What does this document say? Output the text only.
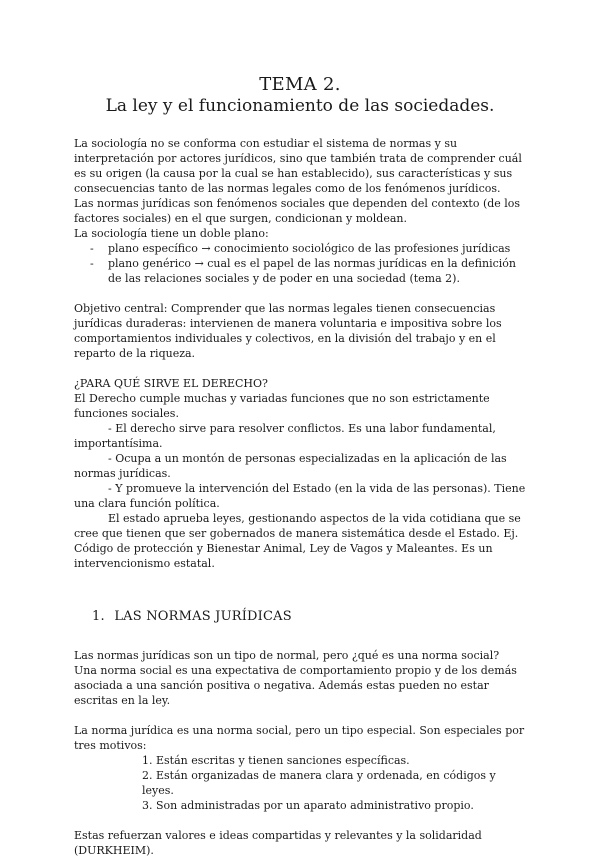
TEMA 2.
La ley y el funcionamiento de las sociedades.

La sociología no se conforma con estudiar el sistema de normas y su interpretación por actores jurídicos, sino que también trata de comprender cuál es su origen (la causa por la cual se han establecido), sus características y sus consecuencias tanto de las normas legales como de los fenómenos jurídicos.

Las normas jurídicas son fenómenos sociales que dependen del contexto (de los factores sociales) en el que surgen, condicionan y moldean.

La sociología tiene un doble plano:

- plano específico → conocimiento sociológico de las profesiones jurídicas
- plano genérico → cual es el papel de las normas jurídicas en la definición de las relaciones sociales y de poder en una sociedad (tema 2).

Objetivo central: Comprender que las normas legales tienen consecuencias jurídicas duraderas: intervienen de manera voluntaria e impositiva sobre los comportamientos individuales y colectivos, en la división del trabajo y en el reparto de la riqueza.

¿PARA QUÉ SIRVE EL DERECHO?

El Derecho cumple muchas y variadas funciones que no son estrictamente funciones sociales.

- El derecho sirve para resolver conflictos. Es una labor fundamental, importantísima.

- Ocupa a un montón de personas especializadas en la aplicación de las normas jurídicas.

- Y promueve la intervención del Estado (en la vida de las personas). Tiene una clara función política.

El estado aprueba leyes, gestionando aspectos de la vida cotidiana que se cree que tienen que ser gobernados de manera sistemática desde el Estado. Ej. Código de protección y Bienestar Animal, Ley de Vagos y Maleantes. Es un intervencionismo estatal.

1. LAS NORMAS JURÍDICAS

Las normas jurídicas son un tipo de normal, pero ¿qué es una norma social?

Una norma social es una expectativa de comportamiento propio y de los demás asociada a una sanción positiva o negativa. Además estas pueden no estar escritas en la ley.

La norma jurídica es una norma social, pero un tipo especial. Son especiales por tres motivos:

1. Están escritas y tienen sanciones específicas.
2. Están organizadas de manera clara y ordenada, en códigos y leyes.
3. Son administradas por un aparato administrativo propio.

Estas refuerzan valores e ideas compartidas y relevantes y la solidaridad (DURKHEIM).
